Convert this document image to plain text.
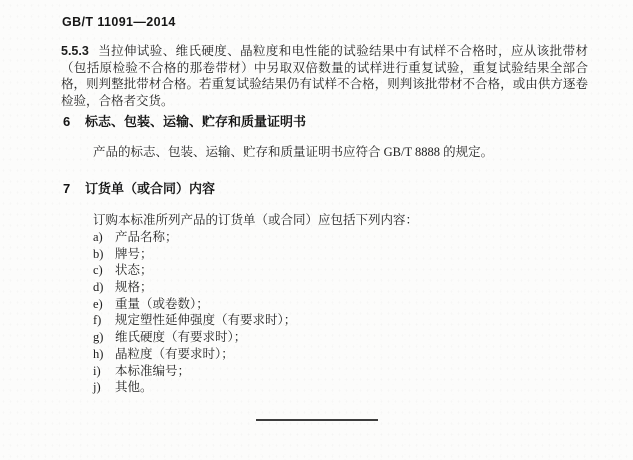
GB/T 11091—2014

5.5.3 当拉伸试验、维氏硬度、晶粒度和电性能的试验结果中有试样不合格时，应从该批带材（包括原检验不合格的那卷带材）中另取双倍数量的试样进行重复试验，重复试验结果全部合格，则判整批带材合格。若重复试验结果仍有试样不合格，则判该批带材不合格，或由供方逐卷检验，合格者交货。

6	标志、包装、运输、贮存和质量证明书

产品的标志、包装、运输、贮存和质量证明书应符合 GB/T 8888 的规定。

7	订货单（或合同）内容

订购本标准所列产品的订货单（或合同）应包括下列内容：

a) 产品名称；
b) 牌号；
c) 状态；
d) 规格；
e) 重量（或卷数）；
f)	规定塑性延伸强度（有要求时）；
g) 维氏硬度（有要求时）；
h) 晶粒度（有要求时）；
i)	本标准编号；
j)	其他。
